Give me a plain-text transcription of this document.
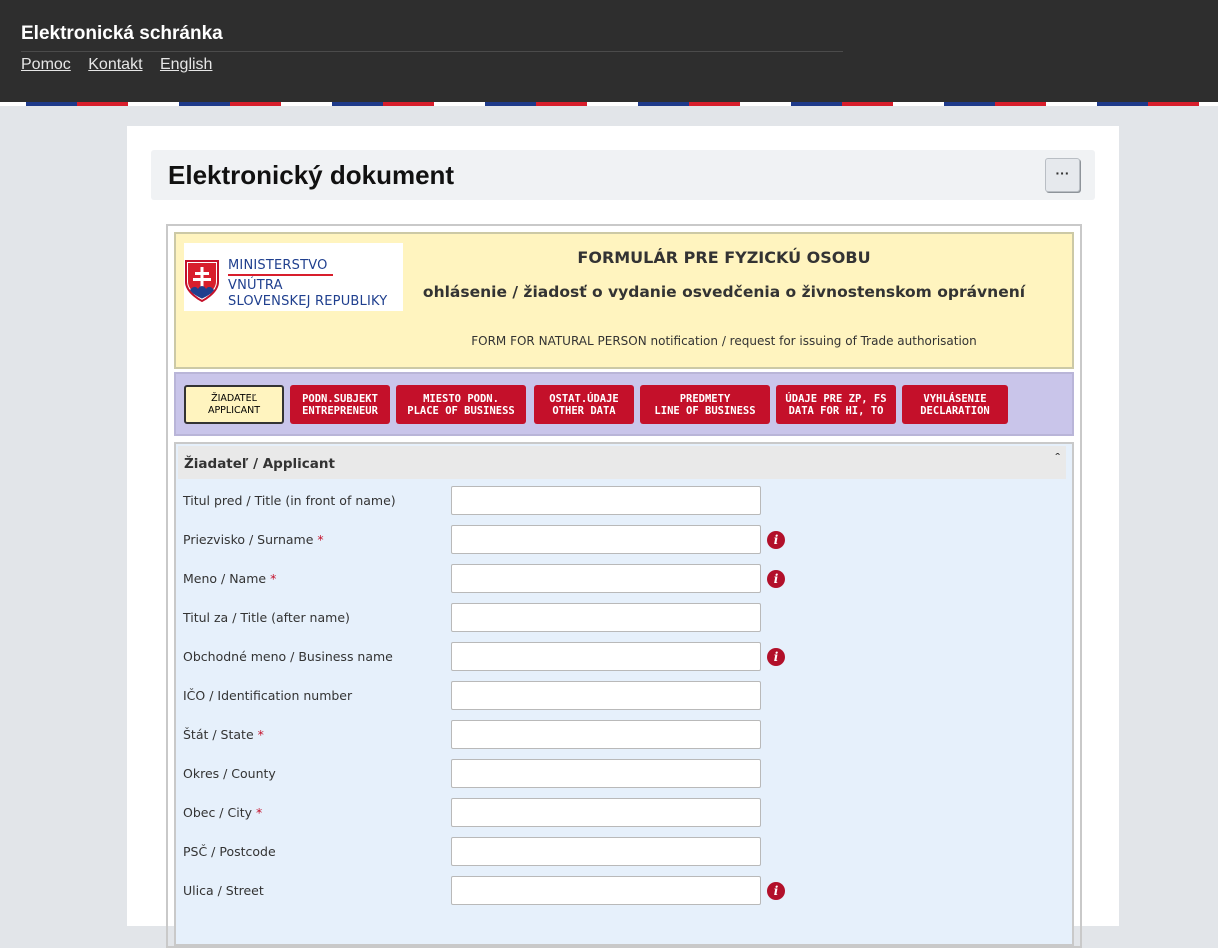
Elektronická schránka
Pomoc Kontakt English
Elektronický dokument	···
MINISTERSTVO
VNÚTRA
SLOVENSKEJ REPUBLIKY
FORMULÁR PRE FYZICKÚ OSOBU
ohlásenie / žiadosť o vydanie osvedčenia o živnostenskom oprávnení
FORM FOR NATURAL PERSON notification / request for issuing of Trade authorisation
ŽIADATEĽ
APPLICANT
PODN.SUBJEKT
ENTREPRENEUR
MIESTO PODN.
PLACE OF BUSINESS
OSTAT.ÚDAJE
OTHER DATA
PREDMETY
LINE OF BUSINESS
ÚDAJE PRE ZP, FS
DATA FOR HI, TO
VYHLÁSENIE
DECLARATION
Žiadateľ / Applicant	ˆ
Titul pred / Title (in front of name)
Priezvisko / Surname *	i
Meno / Name *	i
Titul za / Title (after name)
Obchodné meno / Business name	i
IČO / Identification number
Štát / State *
Okres / County
Obec / City *
PSČ / Postcode
Ulica / Street	i
